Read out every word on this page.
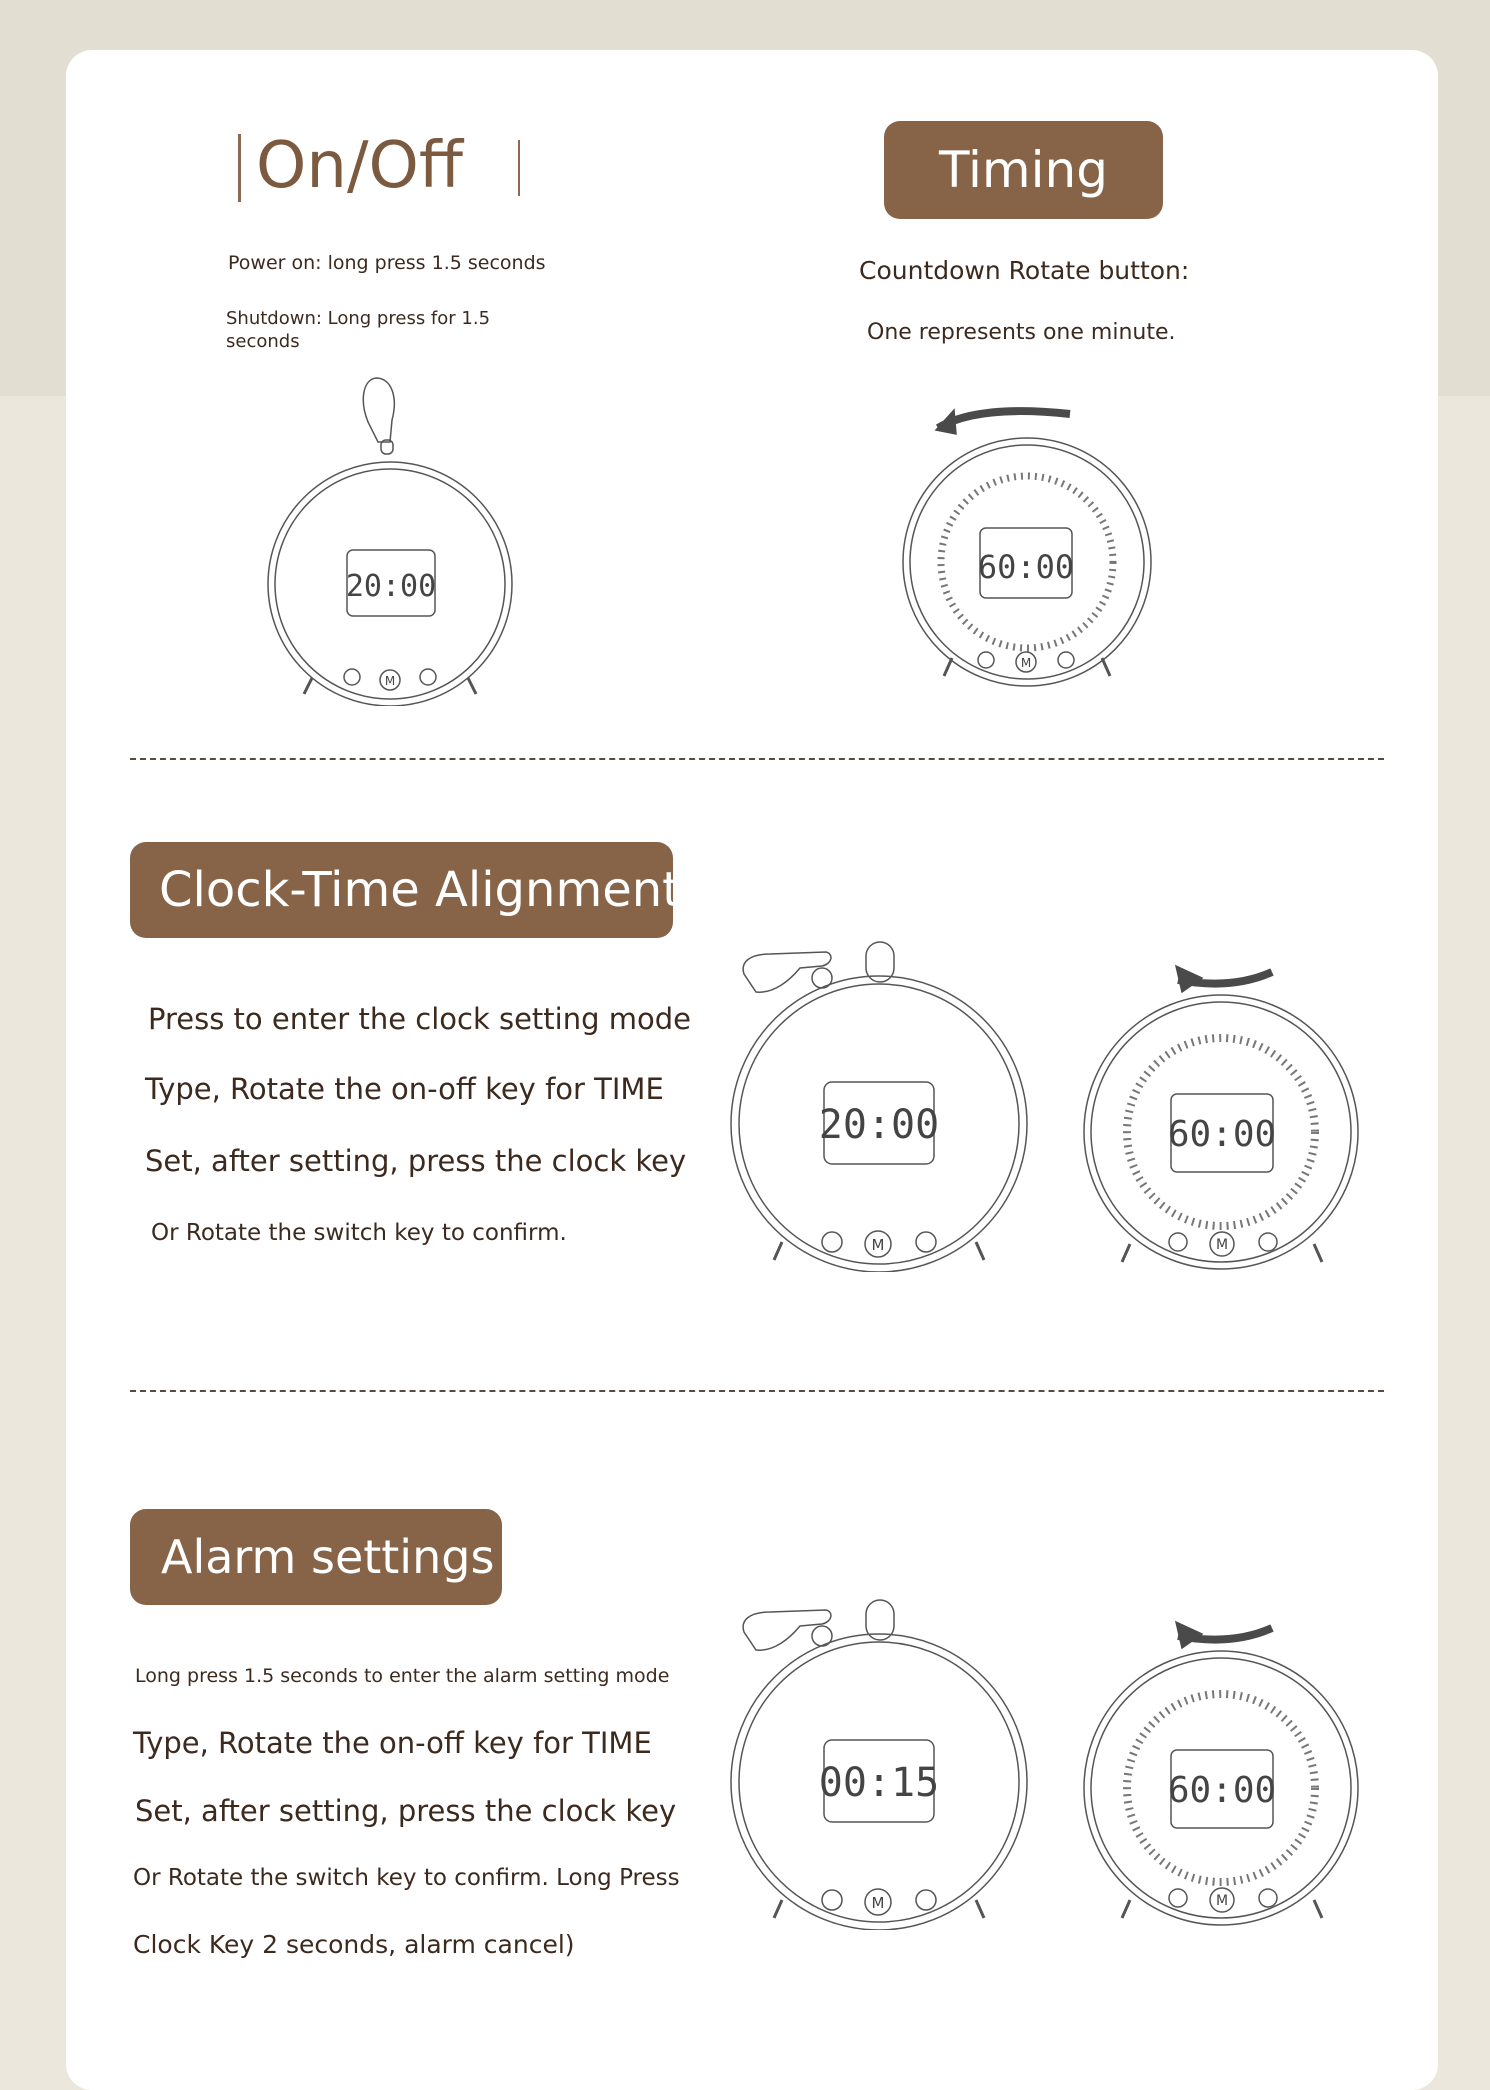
On/Off
Power on: long press 1.5 seconds
Shutdown: Long press for 1.5
seconds
20:00
M
Timing
Countdown Rotate button:
One represents one minute.
60:00
M
Clock-Time Alignment
Press to enter the clock setting mode
Type, Rotate the on-off key for TIME
Set, after setting, press the clock key
Or Rotate the switch key to confirm.
20:00
M
60:00
M
Alarm settings
Long press 1.5 seconds to enter the alarm setting mode
Type, Rotate the on-off key for TIME
Set, after setting, press the clock key
Or Rotate the switch key to confirm. Long Press
Clock Key 2 seconds, alarm cancel)
00:15
M
60:00
M
